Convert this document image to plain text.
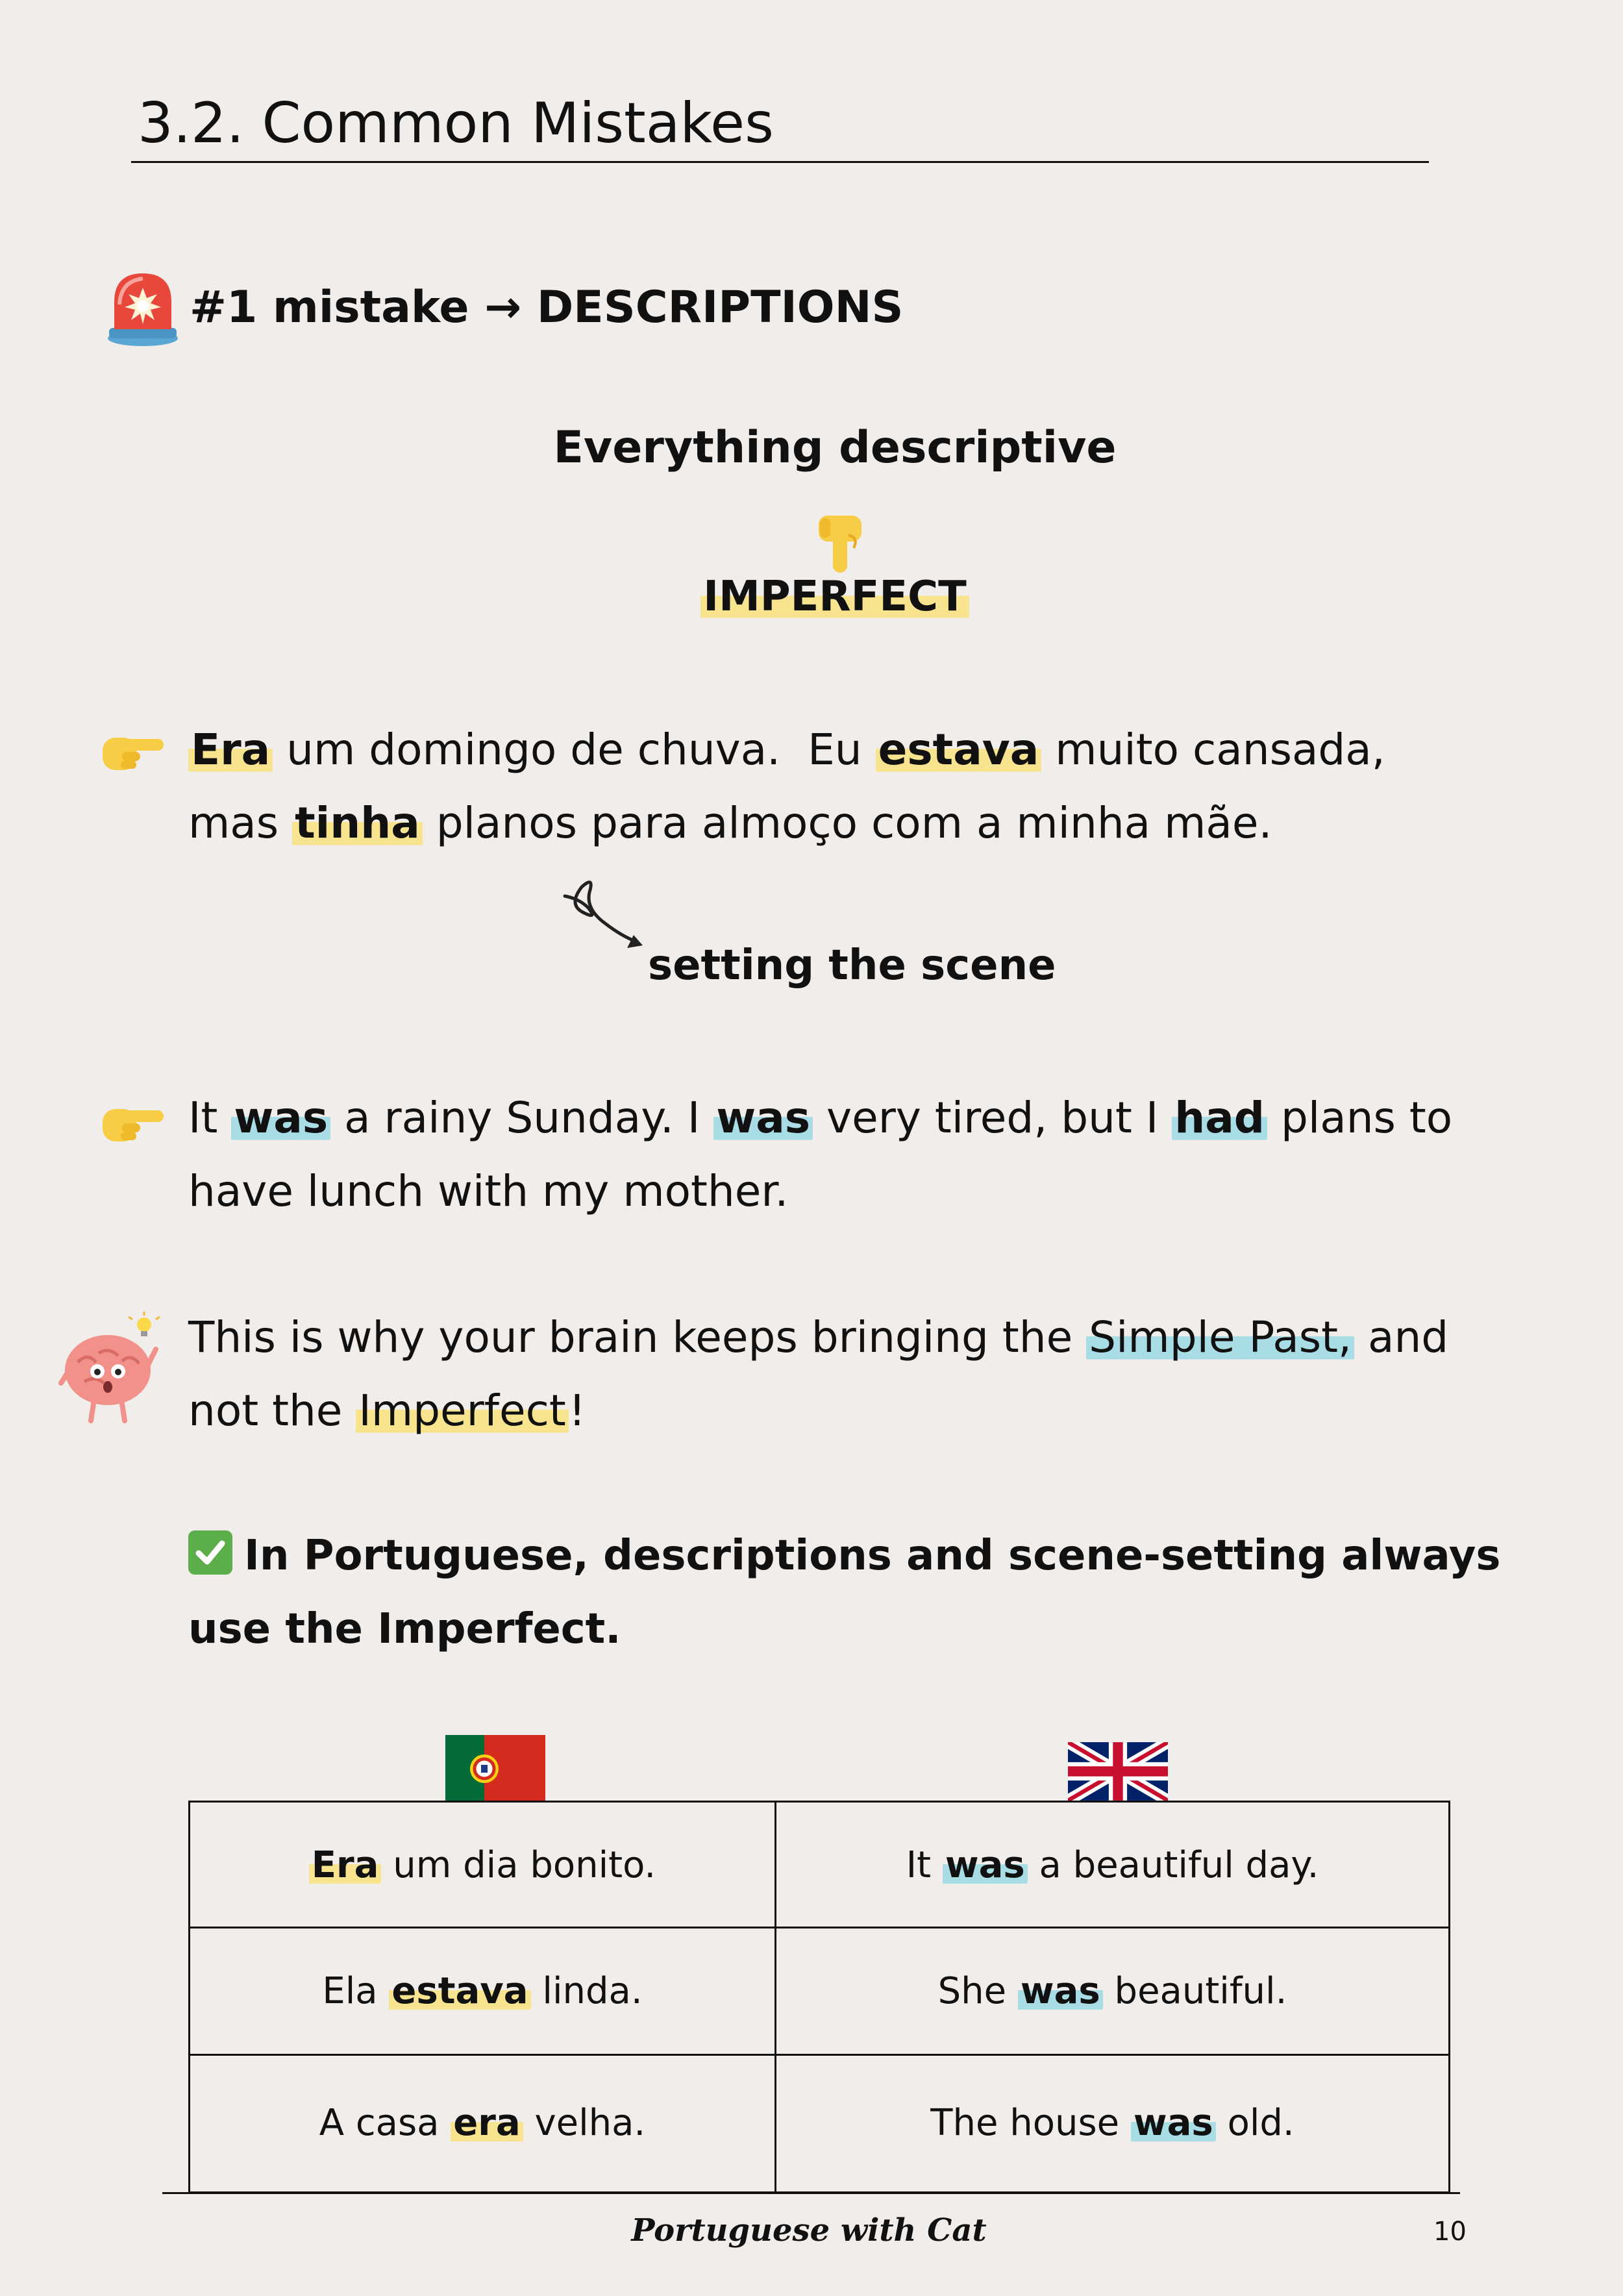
3.2. Common Mistakes
#1 mistake → DESCRIPTIONS
Everything descriptive
IMPERFECT
Era um domingo de chuva.  Eu estava muito cansada,
mas tinha planos para almoço com a minha mãe.
setting the scene
It was a rainy Sunday. I was very tired, but I had plans to
have lunch with my mother.
This is why your brain keeps bringing the Simple Past, and
not the Imperfect!
In Portuguese, descriptions and scene-setting always use the Imperfect.
Era um dia bonito.	It was a beautiful day.
Ela estava linda.	She was beautiful.
A casa era velha.	The house was old.
Portuguese with Cat	10
